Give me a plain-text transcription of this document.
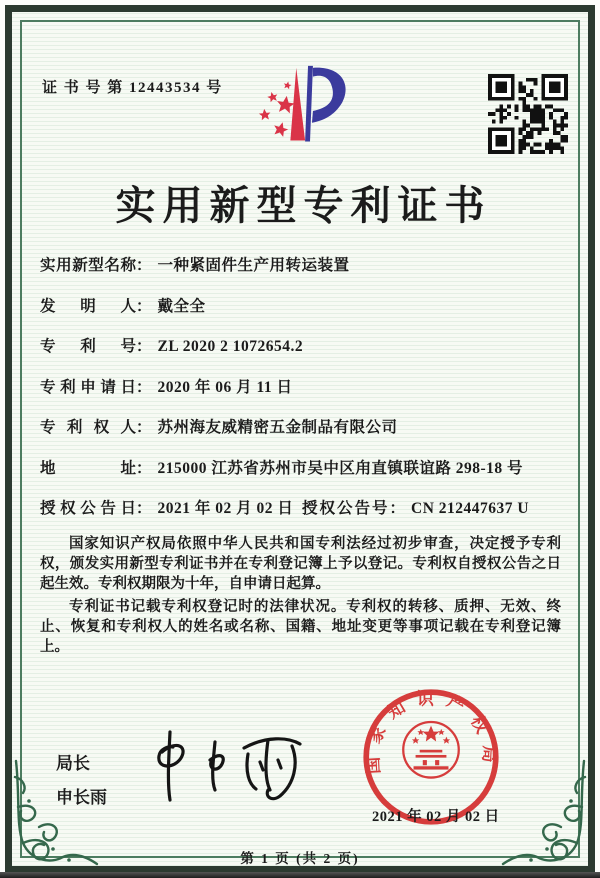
证 书 号 第 12443534 号
实用新型专利证书
实用新型名称： 一种紧固件生产用转运装置
发明人： 戴全全
专利号： ZL 2020 2 1072654.2
专利申请日： 2020 年 06 月 11 日
专利权人： 苏州海友威精密五金制品有限公司
地址： 215000 江苏省苏州市吴中区甪直镇联谊路 298-18 号
授权公告日： 2021 年 02 月 02 日 授权公告号： CN 212447637 U

国家知识产权局依照中华人民共和国专利法经过初步审查，决定授予专利权，颁发实用新型专利证书并在专利登记簿上予以登记。专利权自授权公告之日起生效。专利权期限为十年，自申请日起算。

专利证书记载专利权登记时的法律状况。专利权的转移、质押、无效、终止、恢复和专利权人的姓名或名称、国籍、地址变更等事项记载在专利登记簿上。

局长
申长雨
国家知识产权局
2021 年 02 月 02 日
第 1 页 (共 2 页)
